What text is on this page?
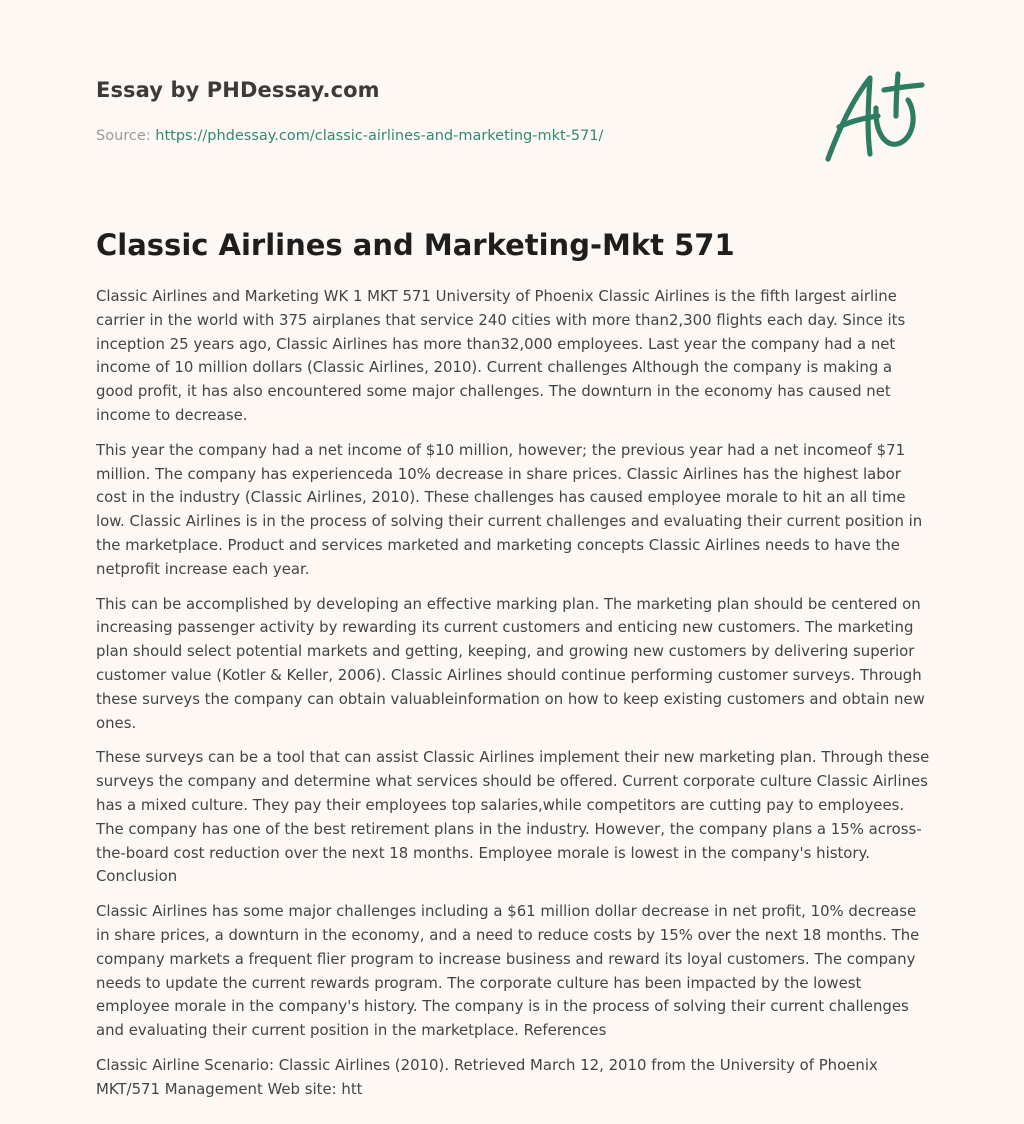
Essay by PHDessay.com
Source: https://phdessay.com/classic-airlines-and-marketing-mkt-571/
Classic Airlines and Marketing-Mkt 571

Classic Airlines and Marketing WK 1 MKT 571 University of Phoenix Classic Airlines is the fifth largest airline carrier in the world with 375 airplanes that service 240 cities with more than2,300 flights each day. Since its inception 25 years ago, Classic Airlines has more than32,000 employees. Last year the company had a net income of 10 million dollars (Classic Airlines, 2010). Current challenges Although the company is making a good profit, it has also encountered some major challenges. The downturn in the economy has caused net income to decrease.

This year the company had a net income of $10 million, however; the previous year had a net incomeof $71 million. The company has experienceda 10% decrease in share prices. Classic Airlines has the highest labor cost in the industry (Classic Airlines, 2010). These challenges has caused employee morale to hit an all time low. Classic Airlines is in the process of solving their current challenges and evaluating their current position in the marketplace. Product and services marketed and marketing concepts Classic Airlines needs to have the netprofit increase each year.

This can be accomplished by developing an effective marking plan. The marketing plan should be centered on increasing passenger activity by rewarding its current customers and enticing new customers. The marketing plan should select potential markets and getting, keeping, and growing new customers by delivering superior customer value (Kotler & Keller, 2006). Classic Airlines should continue performing customer surveys. Through these surveys the company can obtain valuableinformation on how to keep existing customers and obtain new ones.

These surveys can be a tool that can assist Classic Airlines implement their new marketing plan. Through these surveys the company and determine what services should be offered. Current corporate culture Classic Airlines has a mixed culture. They pay their employees top salaries,while competitors are cutting pay to employees. The company has one of the best retirement plans in the industry. However, the company plans a 15% across-the-board cost reduction over the next 18 months. Employee morale is lowest in the company's history. Conclusion

Classic Airlines has some major challenges including a $61 million dollar decrease in net profit, 10% decrease in share prices, a downturn in the economy, and a need to reduce costs by 15% over the next 18 months. The company markets a frequent flier program to increase business and reward its loyal customers. The company needs to update the current rewards program. The corporate culture has been impacted by the lowest employee morale in the company's history. The company is in the process of solving their current challenges and evaluating their current position in the marketplace. References

Classic Airline Scenario: Classic Airlines (2010). Retrieved March 12, 2010 from the University of Phoenix MKT/571 Management Web site: htt
